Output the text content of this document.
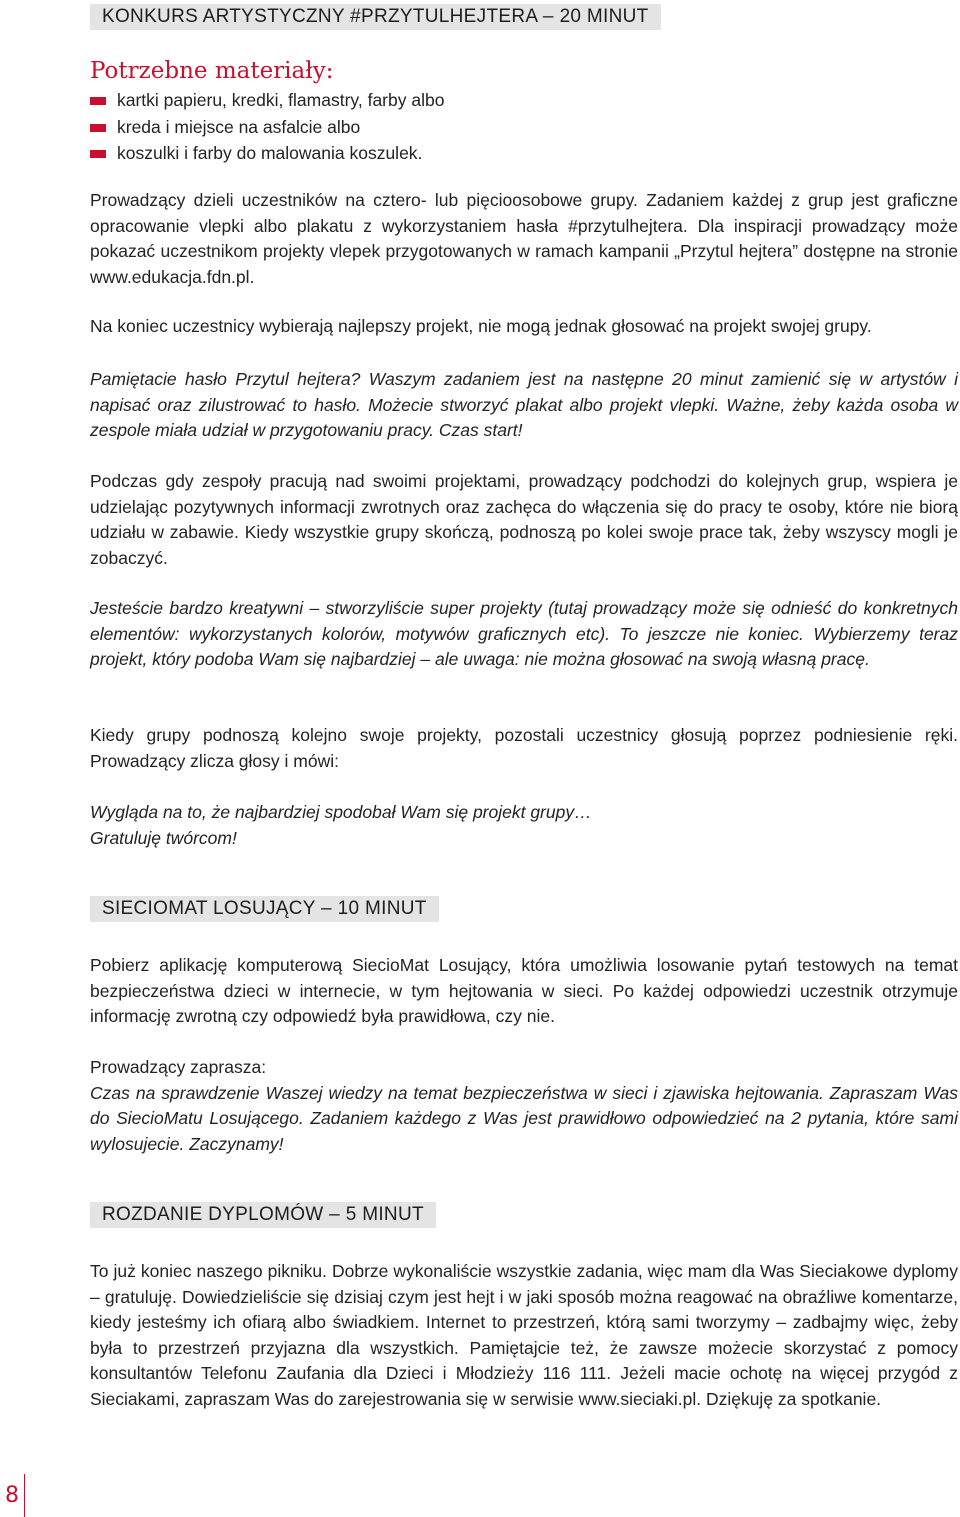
KONKURS ARTYSTYCZNY #PRZYTULHEJTERA – 20 MINUT
Potrzebne materiały:
kartki papieru, kredki, flamastry, farby albo
kreda i miejsce na asfalcie albo
koszulki i farby do malowania koszulek.

Prowadzący dzieli uczestników na cztero- lub pięcioosobowe grupy. Zadaniem każdej z grup jest graficzne opracowanie vlepki albo plakatu z wykorzystaniem hasła #przytulhejtera. Dla inspiracji prowadzący może pokazać uczestnikom projekty vlepek przygotowanych w ramach kampanii „Przytul hejtera” dostępne na stronie www.edukacja.fdn.pl.

Na koniec uczestnicy wybierają najlepszy projekt, nie mogą jednak głosować na projekt swojej grupy.

Pamiętacie hasło Przytul hejtera? Waszym zadaniem jest na następne 20 minut zamienić się w artystów i napisać oraz zilustrować to hasło. Możecie stworzyć plakat albo projekt vlepki. Ważne, żeby każda osoba w zespole miała udział w przygotowaniu pracy. Czas start!

Podczas gdy zespoły pracują nad swoimi projektami, prowadzący podchodzi do kolejnych grup, wspiera je udzielając pozytywnych informacji zwrotnych oraz zachęca do włączenia się do pracy te osoby, które nie biorą udziału w zabawie. Kiedy wszystkie grupy skończą, podnoszą po kolei swoje prace tak, żeby wszyscy mogli je zobaczyć.

Jesteście bardzo kreatywni – stworzyliście super projekty (tutaj prowadzący może się odnieść do konkretnych elementów: wykorzystanych kolorów, motywów graficznych etc). To jeszcze nie koniec. Wybierzemy teraz projekt, który podoba Wam się najbardziej – ale uwaga: nie można głosować na swoją własną pracę.

Kiedy grupy podnoszą kolejno swoje projekty, pozostali uczestnicy głosują poprzez podniesienie ręki. Prowadzący zlicza głosy i mówi:

Wygląda na to, że najbardziej spodobał Wam się projekt grupy…
Gratuluję twórcom!
SIECIOMAT LOSUJĄCY – 10 MINUT

Pobierz aplikację komputerową SiecioMat Losujący, która umożliwia losowanie pytań testowych na temat bezpieczeństwa dzieci w internecie, w tym hejtowania w sieci. Po każdej odpowiedzi uczestnik otrzymuje informację zwrotną czy odpowiedź była prawidłowa, czy nie.

Prowadzący zaprasza:
Czas na sprawdzenie Waszej wiedzy na temat bezpieczeństwa w sieci i zjawiska hejtowania. Zapraszam Was do SiecioMatu Losującego. Zadaniem każdego z Was jest prawidłowo odpowiedzieć na 2 pytania, które sami wylosujecie. Zaczynamy!
ROZDANIE DYPLOMÓW – 5 MINUT

To już koniec naszego pikniku. Dobrze wykonaliście wszystkie zadania, więc mam dla Was Sieciakowe dyplomy – gratuluję. Dowiedzieliście się dzisiaj czym jest hejt i w jaki sposób można reagować na obraźliwe komentarze, kiedy jesteśmy ich ofiarą albo świadkiem. Internet to przestrzeń, którą sami tworzymy – zadbajmy więc, żeby była to przestrzeń przyjazna dla wszystkich. Pamiętajcie też, że zawsze możecie skorzystać z pomocy konsultantów Telefonu Zaufania dla Dzieci i Młodzieży 116 111. Jeżeli macie ochotę na więcej przygód z Sieciakami, zapraszam Was do zarejestrowania się w serwisie www.sieciaki.pl. Dziękuję za spotkanie.

8
